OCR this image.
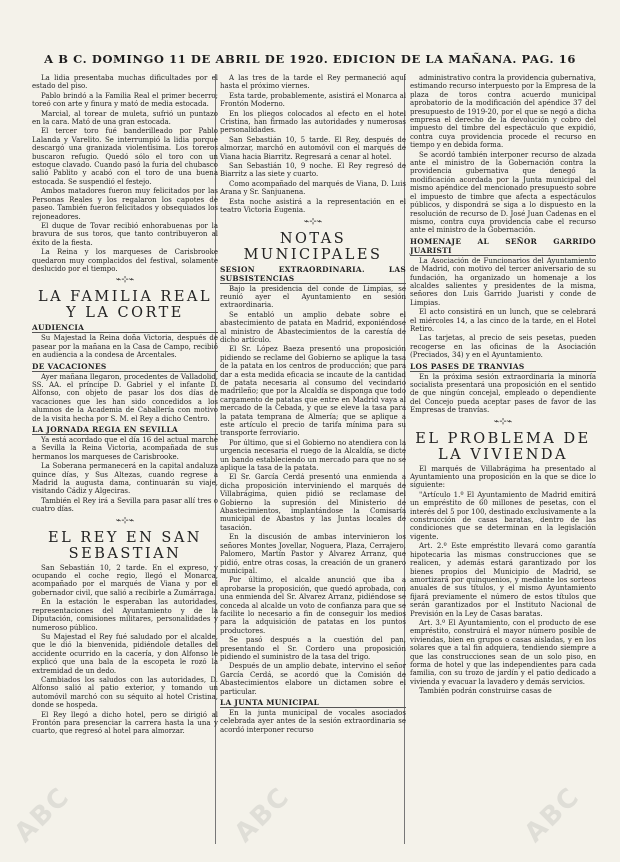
A B C. DOMINGO 11 DE ABRIL DE 1920. EDICION DE LA MAÑANA. PAG. 16

La lidia presentaba muchas dificultades por el estado del piso.

Pablo brindó a la Familia Real el primer becerro; toreó con arte y finura y mató de media estocada.

Marcial, al torear de muleta, sufrió un puntazo en la cara. Mató de una gran estocada.

El tercer toro fué banderilleado por Pablo Lalanda y Varelito. Se interrumpió la lidia porque descargó una granizada violentísima. Los toreros buscaron refugio. Quedó sólo el toro con un estoque clavado. Cuando pasó la furia del chubasco salió Pablito y acabó con el toro de una buena estocada. Se suspendió el festejo.

Ambos matadores fueron muy felicitados por las Personas Reales y los regalaron los capotes de paseo. También fueron felicitados y obsequiados los rejoneadores.

El duque de Tovar recibió enhorabuenas por la bravura de sus toros, que tanto contribuyeron al éxito de la fiesta.

La Reina y los marqueses de Carisbrooke quedaron muy complacidos del festival, solamente deslucido por el tiempo.

⌁⊹⌁
LA FAMILIA REAL Y LA CORTE
AUDIENCIA

Su Majestad la Reina doña Victoria, después de pasear por la mañana en la Casa de Campo, recibió en audiencia a la condesa de Arcentales.

DE VACACIONES

Ayer mañana llegaron, procedentes de Valladolid, SS. AA. el príncipe D. Gabriel y el infante D. Alfonso, con objeto de pasar los dos días de vacaciones que les han sido concedidos a los alumnos de la Academia de Caballería con motivo de la visita hecha por S. M. el Rey a dicho Centro.

LA JORNADA REGIA EN SEVILLA

Ya está acordado que el día 16 del actual marche a Sevilla la Reina Victoria, acompañada de sus hermanos los marqueses de Carisbrooke.

La Soberana permanecerá en la capital andaluza quince días, y Sus Altezas, cuando regrese a Madrid la augusta dama, continuarán su viaje, visitando Cádiz y Algeciras.

También el Rey irá a Sevilla para pasar allí tres o cuatro días.

⌁⊹⌁
EL REY EN SAN SEBASTIAN

San Sebastián 10, 2 tarde. En el expreso, y ocupando el coche regio, llegó el Monarca, acompañado por el marqués de Viana y por el gobernador civil, que salió a recibirle a Zumárraga.

En la estación le esperaban las autoridades, representaciones del Ayuntamiento y de la Diputación, comisiones militares, personalidades y numeroso público.

Su Majestad el Rey fué saludado por el alcalde, que le dió la bienvenida, pidiéndole detalles del accidente ocurrido en la cacería, y don Alfonso le explicó que una bala de la escopeta le rozó la extremidad de un dedo.

Cambiados los saludos con las autoridades, D. Alfonso salió al patio exterior, y tomando un automóvil marchó con su séquito al hotel Cristina, donde se hospeda.

El Rey llegó a dicho hotel, pero se dirigió al Frontón para presenciar la carrera hasta la una y cuarto, que regresó al hotel para almorzar.

A las tres de la tarde el Rey permaneció aquí hasta el próximo viernes.

Esta tarde, probablemente, asistirá el Monarca al Frontón Moderno.

En los pliegos colocados al efecto en el hotel Cristina, han firmado las autoridades y numerosas personalidades.

San Sebastián 10, 5 tarde. El Rey, después de almorzar, marchó en automóvil con el marqués de Viana hacia Biarritz. Regresará a cenar al hotel.

San Sebastián 10, 9 noche. El Rey regresó de Biarritz a las siete y cuarto.

Como acompañado del marqués de Viana, D. Luis Arana y Sr. Sanjuanena.

Esta noche asistirá a la representación en el teatro Victoria Eugenia.

⌁⊹⌁
NOTAS MUNICIPALES
SESION EXTRAORDINARIA. LAS SUBSISTENCIAS

Bajo la presidencia del conde de Limpias, se reunió ayer el Ayuntamiento en sesión extraordinaria.

Se entabló un amplio debate sobre el abastecimiento de patata en Madrid, exponiéndose al ministro de Abastecimientos de la carestía de dicho artículo.

El Sr. López Baeza presentó una proposición pidiendo se reclame del Gobierno se aplique la tasa de la patata en los centros de producción; que para dar a esta medida eficacia se incaute de la cantidad de patata necesaria al consumo del vecindario madrileño; que por la Alcaldía se disponga que todo cargamento de patatas que entre en Madrid vaya al mercado de la Cebada, y que se eleve la tasa para la patata temprana de Almería; que se aplique a este artículo el precio de tarifa mínima para su transporte ferroviario.

Por último, que si el Gobierno no atendiera con la urgencia necesaria el ruego de la Alcaldía, se dicte un bando estableciendo un mercado para que no se aplique la tasa de la patata.

El Sr. García Cerdá presentó una enmienda a dicha proposición interviniendo el marqués de Villabrágima, quien pidió se reclamase del Gobierno la supresión del Ministerio de Abastecimientos, implantándose la Comisaría municipal de Abastos y las Juntas locales de tasación.

En la discusión de ambas intervinieron los señores Montes Jovellar, Noguera, Plaza, Cerrajero, Palomero, Martín Pastor y Alvarez Arranz, que pidió, entre otras cosas, la creación de un granero municipal.

Por último, el alcalde anunció que iba a aprobarse la proposición, que quedó aprobada, con una enmienda del Sr. Alvarez Arranz, pidiéndose se conceda al alcalde un voto de confianza para que se facilite lo necesario a fin de conseguir los medios para la adquisición de patatas en los puntos productores.

Se pasó después a la cuestión del pan, presentando el Sr. Cordero una proposición pidiendo el suministro de la tasa del trigo.

Después de un amplio debate, intervino el señor García Cerdá, se acordó que la Comisión de Abastecimientos elabore un dictamen sobre el particular.

LA JUNTA MUNICIPAL

En la junta municipal de vocales asociados celebrada ayer antes de la sesión extraordinaria se acordó interponer recurso

administrativo contra la providencia gubernativa, estimando recurso interpuesto por la Empresa de la plaza de toros contra acuerdo municipal aprobatorio de la modificación del apéndice 37 del presupuesto de 1919-20, por el que se negó a dicha empresa el derecho de la devolución y cobro del impuesto del timbre del espectáculo que expidió, contra cuya providencia procede el recurso en tiempo y en debida forma.

Se acordó también interponer recurso de alzada ante el ministro de la Gobernación contra la providencia gubernativa que denegó la modificación acordada por la Junta municipal del mismo apéndice del mencionado presupuesto sobre el impuesto de timbre que afecta a espectáculos públicos, y dispondrá se siga a lo dispuesto en la resolución de recurso de D. José Juan Cadenas en el mismo, contra cuya providencia cabe el recurso ante el ministro de la Gobernación.

HOMENAJE AL SEÑOR GARRIDO JUARISTI

La Asociación de Funcionarios del Ayuntamiento de Madrid, con motivo del tercer aniversario de su fundación, ha organizado un homenaje a los alcaldes salientes y presidentes de la misma, señores don Luis Garrido Juaristi y conde de Limpias.

El acto consistirá en un lunch, que se celebrará el miércoles 14, a las cinco de la tarde, en el Hotel Retiro.

Las tarjetas, al precio de seis pesetas, pueden recogerse en las oficinas de la Asociación (Preciados, 34) y en el Ayuntamiento.

LOS PASES DE TRANVIAS

En la próxima sesión extraordinaria la minoría socialista presentará una proposición en el sentido de que ningún concejal, empleado o dependiente del Concejo pueda aceptar pases de favor de las Empresas de tranvías.

⌁⊹⌁
EL PROBLEMA DE LA VIVIENDA

El marqués de Villabrágima ha presentado al Ayuntamiento una proposición en la que se dice lo siguiente:

"Artículo 1.º El Ayuntamiento de Madrid emitirá un empréstito de 60 millones de pesetas, con el interés del 5 por 100, destinado exclusivamente a la construcción de casas baratas, dentro de las condiciones que se determinan en la legislación vigente.

Art. 2.º Este empréstito llevará como garantía hipotecaria las mismas construcciones que se realicen, y además estará garantizado por los bienes propios del Municipio de Madrid, se amortizará por quinquenios, y mediante los sorteos anuales de sus títulos, y el mismo Ayuntamiento fijará previamente el número de estos títulos que serán garantizados por el Instituto Nacional de Previsión en la Ley de Casas baratas.

Art. 3.º El Ayuntamiento, con el producto de ese empréstito, construirá el mayor número posible de viviendas, bien en grupos o casas aisladas, y en los solares que a tal fin adquiera, tendiendo siempre a que las construcciones sean de un solo piso, en forma de hotel y que las independientes para cada familia, con su trozo de jardín y el patio dedicado a vivienda y evacuar la lavadero y demás servicios.

También podrán construirse casas de

ABC	ABC	ABC
